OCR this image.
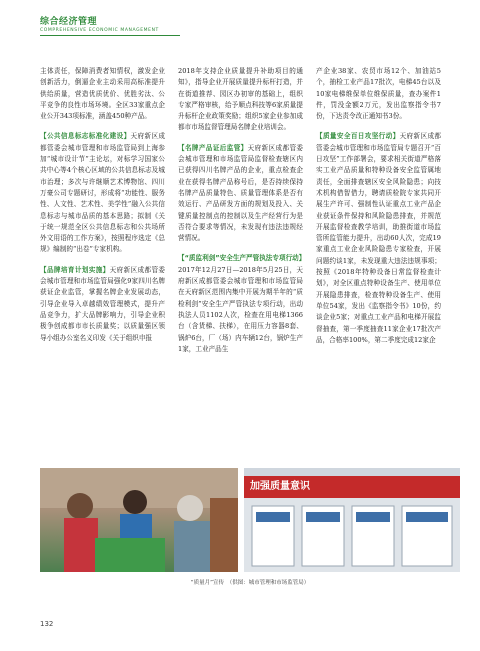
综合经济管理
COMPREHENSIVE ECONOMIC MANAGEMENT

主体责任，保障消费者知情权，激发企业创新活力，倒逼企业主动采用高标准提升供给质量，营造优质优价、优胜劣汰、公平竞争的良性市场环境。全区33家重点企业公开343项标准，涵盖450种产品。

【公共信息标志标准化建设】天府新区成都管委会城市管理和市场监管局到上海参加“城市设计节”主论坛，对标学习国家公共中心等4个核心区域的公共信息标志及城市治理；多次与许继顺艺术博物馆、四川万豪公司专题研讨，形成将“功能性、服务性、人文性、艺术性、美学性”融入公共信息标志与城市品质的基本思路；拟制《关于统一规范全区公共信息标志和公共场所外文用语的工作方案》，按照程序选定《总规》编制的“出卷”专家机构。

【品牌培育计划实施】天府新区成都管委会城市管理和市场监管局强化9家四川名牌获证企业监管，掌握名牌企业发展动态，引导企业导入卓越绩效管理模式，提升产品竞争力，扩大品牌影响力，引导企业积极争创成都市市长质量奖；以质量强区领导小组办公室名义印发《关于组织申报

2018年支持企业质量提升补助项目的通知》，指导企业开展质量提升标杆打造，并在街道推荐、园区办初审的基础上，组织专家严格审核，给予顺点科技等6家质量提升标杆企业政策奖励；组织5家企业参加成都市市场监督管理局名牌企业培训会。

【名牌产品证后监管】天府新区成都管委会城市管理和市场监管局监督检查辖区内已获得四川名牌产品的企业，重点检查企业在获得名牌产品称号后，是否持续保持名牌产品质量特色、质量管理体系是否有效运行、产品研发方面的规划及投入、关键质量控制点的控制以及生产经营行为是否符合要求等情况，未发现有违法违规经营情况。

【“质监利剑”安全生产严管执法专项行动】2017年12月27日—2018年5月25日，天府新区成都管委会城市管理和市场监管局在天府新区范围内集中开展为期半年的“质检利剑”安全生产严管执法专项行动，出动执法人员1102人次，检查在用电梯1366台（含货梯、扶梯），在用压力容器8套、锅炉6台，厂（场）内车辆12台，锅炉生产1家，工业产品生

产企业38家、农贸市场12个、加油站5个，抽检工业产品17批次，电梯45台以及10家电梯维保单位维保质量，查办案件1件，罚没金额2万元，发出监察指令书7份，下达责令改正通知书3份。

【质量安全百日攻坚行动】天府新区成都管委会城市管理和市场监管局专题召开“百日攻坚”工作部署会，要求相关街道严格落实工业产品质量和特种设备安全监管属地责任，全面排查辖区安全风险隐患；向技术机构借智借力，聘请质检院专家共同开展生产许可、强制性认证重点工业产品企业获证条件保持和风险隐患排查，并规范开展监督检查教学培训，助推街道市场监管所监管能力提升，出动60人次，完成19家重点工业企业风险隐患专家检查，开展问题约谈1家，未发现重大违法违规事项；按照《2018年特种设备日常监督检查计划》，对全区重点特种设备生产、使用单位开展隐患排查，检查特种设备生产、使用单位54家，发出《监察指令书》10份，约谈企业5家；对重点工业产品和电梯开展监督抽查，第一季度抽查11家企业17批次产品，合格率100%，第二季度完成12家企

加强质量意识
“质量月”宣传　（供图：城市管理和市场监管局）
132
